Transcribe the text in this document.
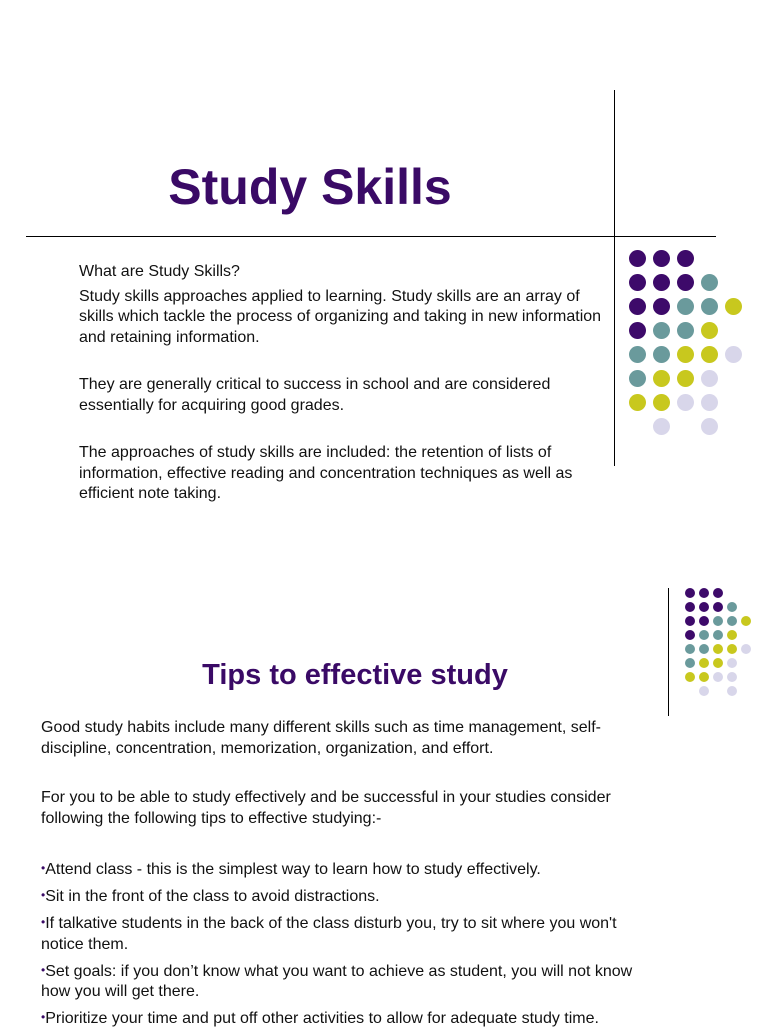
Study Skills

What are Study Skills?

Study skills approaches applied to learning. Study skills are an array of skills which tackle the process of organizing and taking in new information and retaining information.

They are generally critical to success in school and are considered essentially for acquiring good grades.

The approaches of study skills are included: the retention of lists of information, effective reading and concentration techniques as well as efficient note taking.

Tips to effective study

Good study habits include many different skills such as time management, self-discipline, concentration, memorization, organization, and effort.

For you to be able to study effectively and be successful in your studies consider following the following tips to effective studying:-

•Attend class - this is the simplest way to learn how to study effectively.
•Sit in the front of the class to avoid distractions.
•If talkative students in the back of the class disturb you, try to sit where you won't notice them.
•Set goals: if you don’t know what you want to achieve as student, you will not know how you will get there.
•Prioritize your time and put off other activities to allow for adequate study time.
